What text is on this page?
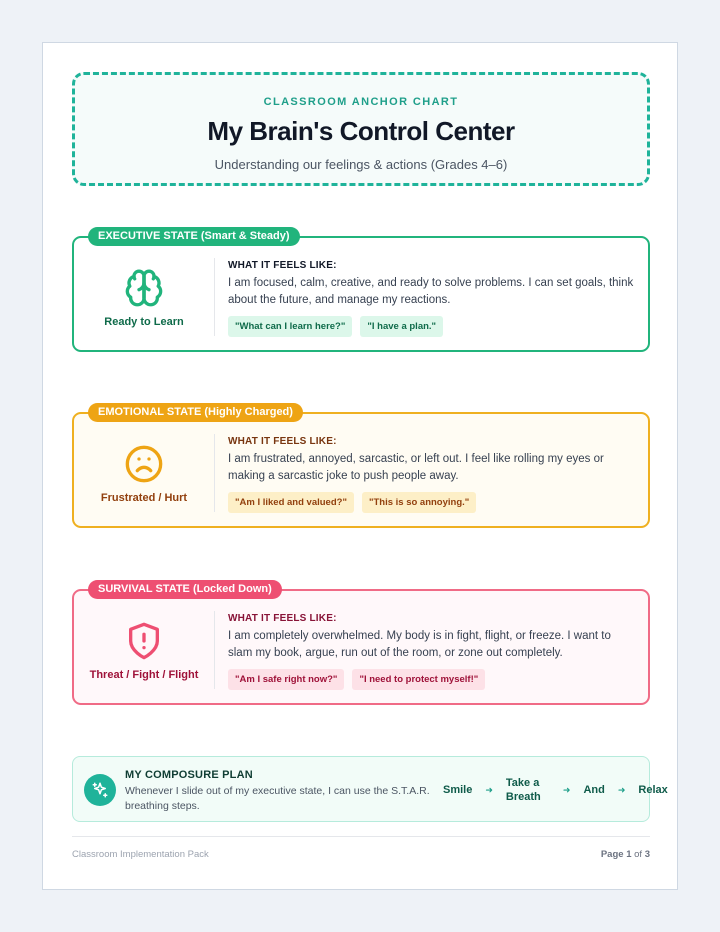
CLASSROOM ANCHOR CHART
My Brain's Control Center
Understanding our feelings & actions (Grades 4–6)
EXECUTIVE STATE (Smart & Steady)
Ready to Learn
WHAT IT FEELS LIKE:
I am focused, calm, creative, and ready to solve problems. I can set goals, think about the future, and manage my reactions.
"What can I learn here?"	"I have a plan."
EMOTIONAL STATE (Highly Charged)
Frustrated / Hurt
WHAT IT FEELS LIKE:
I am frustrated, annoyed, sarcastic, or left out. I feel like rolling my eyes or making a sarcastic joke to push people away.
"Am I liked and valued?"	"This is so annoying."
SURVIVAL STATE (Locked Down)
Threat / Fight / Flight
WHAT IT FEELS LIKE:
I am completely overwhelmed. My body is in fight, flight, or freeze. I want to slam my book, argue, run out of the room, or zone out completely.
"Am I safe right now?"	"I need to protect myself!"
MY COMPOSURE PLAN
Whenever I slide out of my executive state, I can use the S.T.A.R. breathing steps.
Smile ➜
Take a Breath
➜ And ➜ Relax
Classroom Implementation Pack	Page 1 of 3
